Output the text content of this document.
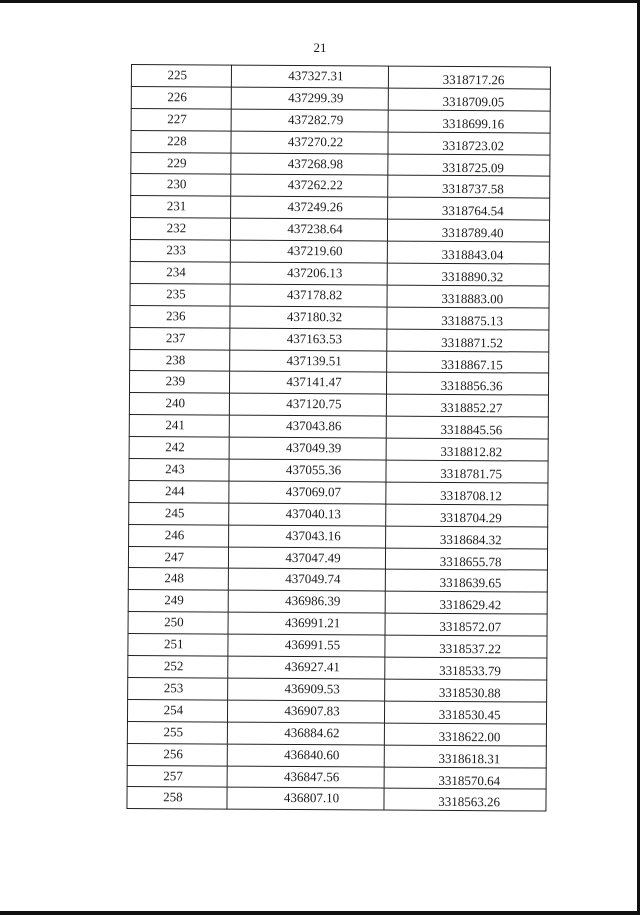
21
225	437327.31	3318717.26
226	437299.39	3318709.05
227	437282.79	3318699.16
228	437270.22	3318723.02
229	437268.98	3318725.09
230	437262.22	3318737.58
231	437249.26	3318764.54
232	437238.64	3318789.40
233	437219.60	3318843.04
234	437206.13	3318890.32
235	437178.82	3318883.00
236	437180.32	3318875.13
237	437163.53	3318871.52
238	437139.51	3318867.15
239	437141.47	3318856.36
240	437120.75	3318852.27
241	437043.86	3318845.56
242	437049.39	3318812.82
243	437055.36	3318781.75
244	437069.07	3318708.12
245	437040.13	3318704.29
246	437043.16	3318684.32
247	437047.49	3318655.78
248	437049.74	3318639.65
249	436986.39	3318629.42
250	436991.21	3318572.07
251	436991.55	3318537.22
252	436927.41	3318533.79
253	436909.53	3318530.88
254	436907.83	3318530.45
255	436884.62	3318622.00
256	436840.60	3318618.31
257	436847.56	3318570.64
258	436807.10	3318563.26
